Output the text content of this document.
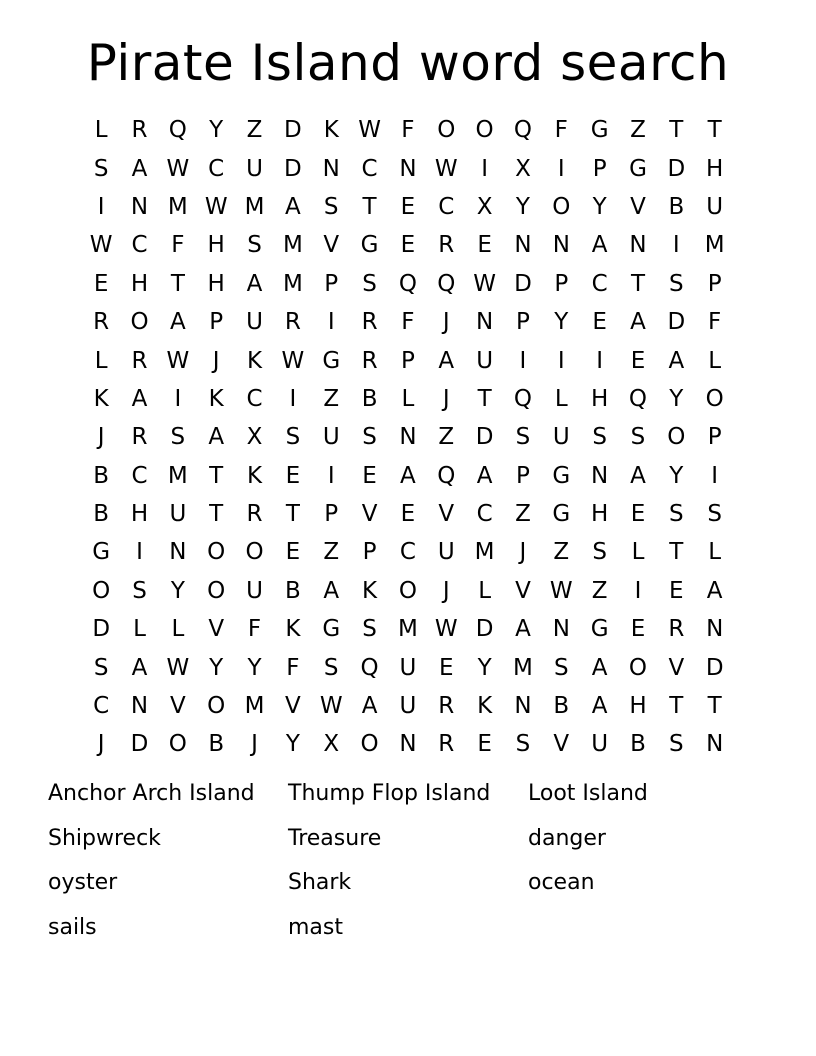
Pirate Island word search
L	R Q Y	Z D K W F O O Q F G Z	T	T
S	A W C U D N C N W	I	X	I	P G D H
I	N M W M A	S	T	E	C X	Y O Y	V B U
W C	F	H S M V G E	R	E N N A N	I	M
E H T H A M P	S Q Q W D P	C	T	S	P
R O A	P U R	I	R	F	J	N P	Y	E	A D F
L	R W	J	K W G R	P	A U	I	I	I	E	A	L
K A	I	K C	I	Z B	L	J	T Q L	H Q Y O
J	R	S	A X	S U S N Z D S U S	S O P
B C M T	K	E	I	E	A Q A	P G N A	Y	I
B H U T	R	T	P	V	E	V C Z G H E	S	S
G	I	N O O E	Z	P	C U M	J	Z	S	L	T	L
O S	Y O U B A K O	J	L	V W Z	I	E	A
D	L	L	V	F	K G S M W D A N G E	R N
S	A W Y	Y	F	S Q U E	Y M S	A O V D
C N V O M V W A U R K N B A H T	T
J	D O B	J	Y	X O N R	E	S	V U B	S N
Anchor Arch Island	Thump Flop Island	Loot Island
Shipwreck	Treasure	danger
oyster	Shark	ocean
sails	mast
